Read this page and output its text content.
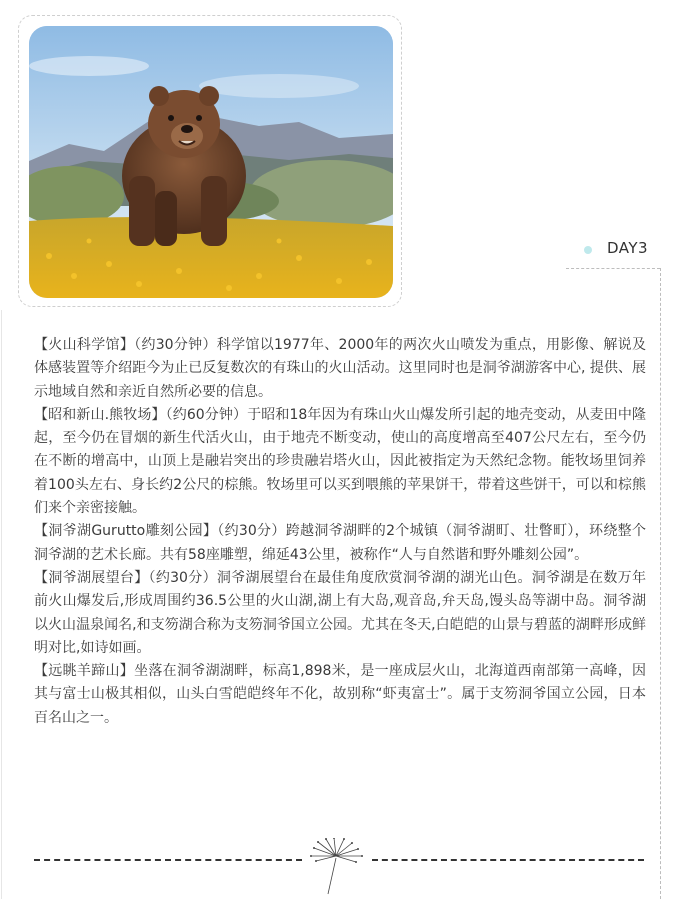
DAY3

【火山科学馆】（约30分钟）科学馆以1977年、2000年的两次火山喷发为重点，用影像、解说及体感装置等介绍距今为止已反复数次的有珠山的火山活动。这里同时也是洞爷湖游客中心, 提供、展示地域自然和亲近自然所必要的信息。

【昭和新山.熊牧场】（约60分钟）于昭和18年因为有珠山火山爆发所引起的地壳变动，从麦田中隆起，至今仍在冒烟的新生代活火山，由于地壳不断变动，使山的高度增高至407公尺左右，至今仍在不断的增高中，山顶上是融岩突出的珍贵融岩塔火山，因此被指定为天然纪念物。能牧场里饲养着100头左右、身长约2公尺的棕熊。牧场里可以买到喂熊的苹果饼干，带着这些饼干，可以和棕熊们来个亲密接触。

【洞爷湖Gurutto雕刻公园】（约30分）跨越洞爷湖畔的2个城镇（洞爷湖町、壮瞥町），环绕整个洞爷湖的艺术长廊。共有58座雕塑，绵延43公里，被称作“人与自然谐和野外雕刻公园”。

【洞爷湖展望台】（约30分）洞爷湖展望台在最佳角度欣赏洞爷湖的湖光山色。洞爷湖是在数万年前火山爆发后,形成周围约36.5公里的火山湖,湖上有大岛,观音岛,弁天岛,馒头岛等湖中岛。洞爷湖以火山温泉闻名,和支笏湖合称为支笏洞爷国立公园。尤其在冬天,白皑皑的山景与碧蓝的湖畔形成鲜明对比,如诗如画。

【远眺羊蹄山】坐落在洞爷湖湖畔，标高1,898米，是一座成层火山，北海道西南部第一高峰，因其与富士山极其相似，山头白雪皑皑终年不化，故别称“虾夷富士”。属于支笏洞爷国立公园，日本百名山之一。
